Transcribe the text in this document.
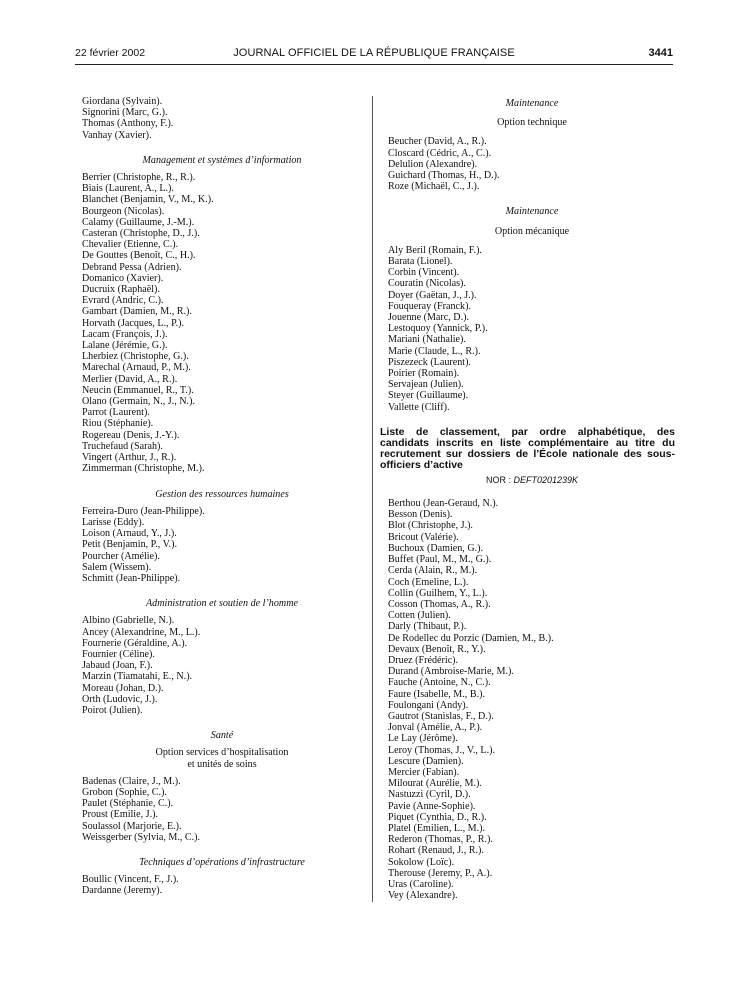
22 février 2002	JOURNAL OFFICIEL DE LA RÉPUBLIQUE FRANÇAISE	3441
Giordana (Sylvain).
Signorini (Marc, G.).
Thomas (Anthony, F.).
Vanhay (Xavier).
Management et systèmes d’information
Berrier (Christophe, R., R.).
Biais (Laurent, A., L.).
Blanchet (Benjamin, V., M., K.).
Bourgeon (Nicolas).
Calamy (Guillaume, J.-M.).
Casteran (Christophe, D., J.).
Chevalier (Etienne, C.).
De Gouttes (Benoît, C., H.).
Debrand Pessa (Adrien).
Domanico (Xavier).
Ducruix (Raphaël).
Evrard (Andric, C.).
Gambart (Damien, M., R.).
Horvath (Jacques, L., P.).
Lacam (François, J.).
Lalane (Jérémie, G.).
Lherbiez (Christophe, G.).
Marechal (Arnaud, P., M.).
Merlier (David, A., R.).
Neucin (Emmanuel, R., T.).
Olano (Germain, N., J., N.).
Parrot (Laurent).
Riou (Stéphanie).
Rogereau (Denis, J.-Y.).
Truchefaud (Sarah).
Vingert (Arthur, J., R.).
Zimmerman (Christophe, M.).
Gestion des ressources humaines
Ferreira-Duro (Jean-Philippe).
Larisse (Eddy).
Loison (Arnaud, Y., J.).
Petit (Benjamin, P., V.).
Pourcher (Amélie).
Salem (Wissem).
Schmitt (Jean-Philippe).
Administration et soutien de l’homme
Albino (Gabrielle, N.).
Ancey (Alexandrine, M., L.).
Fournerie (Géraldine, A.).
Fournier (Céline).
Jabaud (Joan, F.).
Marzin (Tiamatahi, E., N.).
Moreau (Johan, D.).
Orth (Ludovic, J.).
Poirot (Julien).
Santé
Option services d’hospitalisation
et unités de soins
Badenas (Claire, J., M.).
Grobon (Sophie, C.).
Paulet (Stéphanie, C.).
Proust (Emilie, J.).
Soulassol (Marjorie, E.).
Weissgerber (Sylvia, M., C.).
Techniques d’opérations d’infrastructure
Boullic (Vincent, F., J.).
Dardanne (Jeremy).
Maintenance
Option technique
Beucher (David, A., R.).
Closcard (Cédric, A., C.).
Delulion (Alexandre).
Guichard (Thomas, H., D.).
Roze (Michaël, C., J.).
Maintenance
Option mécanique
Aly Beril (Romain, F.).
Barata (Lionel).
Corbin (Vincent).
Couratin (Nicolas).
Doyer (Gaëtan, J., J.).
Fouqueray (Franck).
Jouenne (Marc, D.).
Lestoquoy (Yannick, P.).
Mariani (Nathalie).
Marie (Claude, L., R.).
Piszezeck (Laurent).
Poirier (Romain).
Servajean (Julien).
Steyer (Guillaume).
Vallette (Cliff).
Liste de classement, par ordre alphabétique, des candidats inscrits en liste complémentaire au titre du recrutement sur dossiers de l’École nationale des sous-officiers d’active
NOR : DEFT0201239K
Berthou (Jean-Geraud, N.).
Besson (Denis).
Blot (Christophe, J.).
Bricout (Valérie).
Buchoux (Damien, G.).
Buffet (Paul, M., M., G.).
Cerda (Alain, R., M.).
Coch (Emeline, L.).
Collin (Guilhem, Y., L.).
Cosson (Thomas, A., R.).
Cotten (Julien).
Darly (Thibaut, P.).
De Rodellec du Porzic (Damien, M., B.).
Devaux (Benoît, R., Y.).
Druez (Frédéric).
Durand (Ambroise-Marie, M.).
Fauche (Antoine, N., C.).
Faure (Isabelle, M., B.).
Foulongani (Andy).
Gautrot (Stanislas, F., D.).
Jonval (Amélie, A., P.).
Le Lay (Jérôme).
Leroy (Thomas, J., V., L.).
Lescure (Damien).
Mercier (Fabian).
Milourat (Aurélie, M.).
Nastuzzi (Cyril, D.).
Pavie (Anne-Sophie).
Piquet (Cynthia, D., R.).
Platel (Emilien, L., M.).
Rederon (Thomas, P., R.).
Rohart (Renaud, J., R.).
Sokolow (Loïc).
Therouse (Jeremy, P., A.).
Uras (Caroline).
Vey (Alexandre).
